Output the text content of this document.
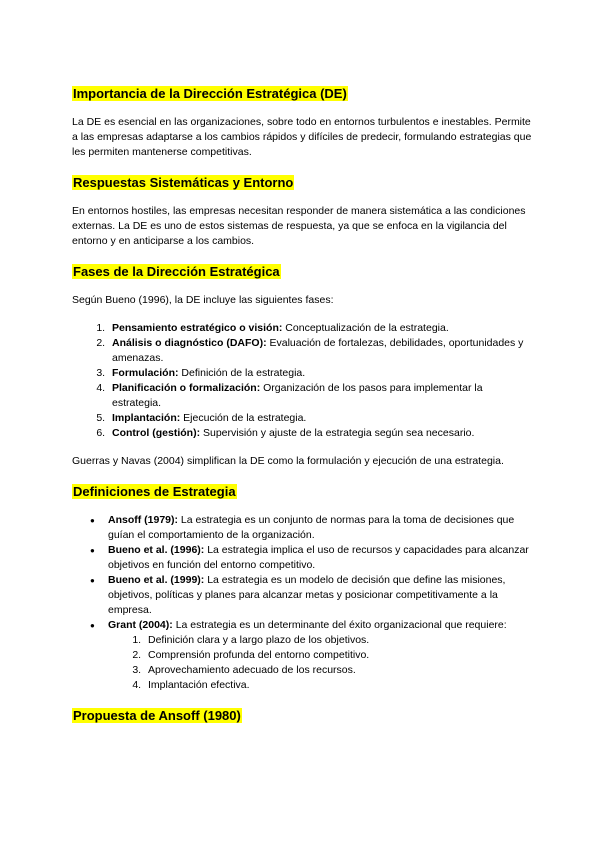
Importancia de la Dirección Estratégica (DE)

La DE es esencial en las organizaciones, sobre todo en entornos turbulentos e inestables. Permite a las empresas adaptarse a los cambios rápidos y difíciles de predecir, formulando estrategias que les permiten mantenerse competitivas.

Respuestas Sistemáticas y Entorno

En entornos hostiles, las empresas necesitan responder de manera sistemática a las condiciones externas. La DE es uno de estos sistemas de respuesta, ya que se enfoca en la vigilancia del entorno y en anticiparse a los cambios.

Fases de la Dirección Estratégica

Según Bueno (1996), la DE incluye las siguientes fases:

1. Pensamiento estratégico o visión: Conceptualización de la estrategia.
2. Análisis o diagnóstico (DAFO): Evaluación de fortalezas, debilidades, oportunidades y amenazas.
3. Formulación: Definición de la estrategia.
4. Planificación o formalización: Organización de los pasos para implementar la estrategia.
5. Implantación: Ejecución de la estrategia.
6. Control (gestión): Supervisión y ajuste de la estrategia según sea necesario.

Guerras y Navas (2004) simplifican la DE como la formulación y ejecución de una estrategia.

Definiciones de Estrategia
● Ansoff (1979): La estrategia es un conjunto de normas para la toma de decisiones que guían el comportamiento de la organización.
● Bueno et al. (1996): La estrategia implica el uso de recursos y capacidades para alcanzar objetivos en función del entorno competitivo.
● Bueno et al. (1999): La estrategia es un modelo de decisión que define las misiones, objetivos, políticas y planes para alcanzar metas y posicionar competitivamente a la empresa.
● Grant (2004): La estrategia es un determinante del éxito organizacional que requiere:
1. Definición clara y a largo plazo de los objetivos.
2. Comprensión profunda del entorno competitivo.
3. Aprovechamiento adecuado de los recursos.
4. Implantación efectiva.
Propuesta de Ansoff (1980)
